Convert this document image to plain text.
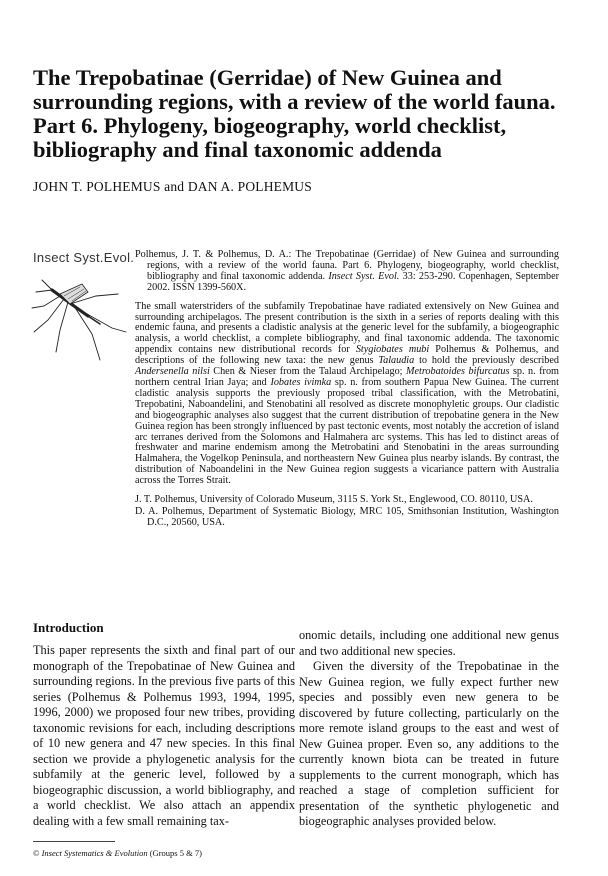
The Trepobatinae (Gerridae) of New Guinea and surrounding regions, with a review of the world fauna. Part 6. Phylogeny, biogeography, world checklist, bibliography and final taxonomic addenda
JOHN T. POLHEMUS and DAN A. POLHEMUS
Insect Syst.Evol. Polhemus, J. T. & Polhemus, D. A.: The Trepobatinae (Gerridae) of New Guinea and surrounding regions, with a review of the world fauna. Part 6. Phylogeny, biogeography, world checklist, bibliography and final taxonomic addenda. Insect Syst. Evol. 33: 253-290. Copenhagen, September 2002. ISSN 1399-560X.

The small waterstriders of the subfamily Trepobatinae have radiated extensively on New Guinea and surrounding archipelagos. The present contribution is the sixth in a series of reports dealing with this endemic fauna, and presents a cladistic analysis at the generic level for the subfamily, a biogeographic analysis, a world checklist, a complete bibliography, and final taxonomic addenda. The taxonomic appendix contains new distributional records for Stygiobates mubi Polhemus & Polhemus, and descriptions of the following new taxa: the new genus Talaudia to hold the previously described Andersenella nilsi Chen & Nieser from the Talaud Archipelago; Metrobatoides bifurcatus sp. n. from northern central Irian Jaya; and Iobates ivimka sp. n. from southern Papua New Guinea. The current cladistic analysis supports the previously proposed tribal classification, with the Metrobatini, Trepobatini, Naboandelini, and Stenobatini all resolved as discrete monophyletic groups. Our cladistic and biogeographic analyses also suggest that the current distribution of trepobatine genera in the New Guinea region has been strongly influenced by past tectonic events, most notably the accretion of island arc terranes derived from the Solomons and Halmahera arc systems. This has led to distinct areas of freshwater and marine endemism among the Metrobatini and Stenobatini in the areas surrounding Halmahera, the Vogelkop Peninsula, and northeastern New Guinea plus nearby islands. By contrast, the distribution of Naboandelini in the New Guinea region suggests a vicariance pattern with Australia across the Torres Strait.

J. T. Polhemus, University of Colorado Museum, 3115 S. York St., Englewood, CO. 80110, USA.

D. A. Polhemus, Department of Systematic Biology, MRC 105, Smithsonian Institution, Washington D.C., 20560, USA.

Introduction

This paper represents the sixth and final part of our monograph of the Trepobatinae of New Guinea and surrounding regions. In the previous five parts of this series (Polhemus & Polhemus 1993, 1994, 1995, 1996, 2000) we proposed four new tribes, providing taxonomic revisions for each, including descriptions of 10 new genera and 47 new species. In this final section we provide a phylogenetic analysis for the subfamily at the generic level, followed by a biogeographic discussion, a world bibliography, and a world checklist. We also attach an appendix dealing with a few small remaining tax-

onomic details, including one additional new genus and two additional new species.

Given the diversity of the Trepobatinae in the New Guinea region, we fully expect further new species and possibly even new genera to be discovered by future collecting, particularly on the more remote island groups to the east and west of New Guinea proper. Even so, any additions to the currently known biota can be treated in future supplements to the current monograph, which has reached a stage of completion sufficient for presentation of the synthetic phylogenetic and biogeographic analyses provided below.

© Insect Systematics & Evolution (Groups 5 & 7)
